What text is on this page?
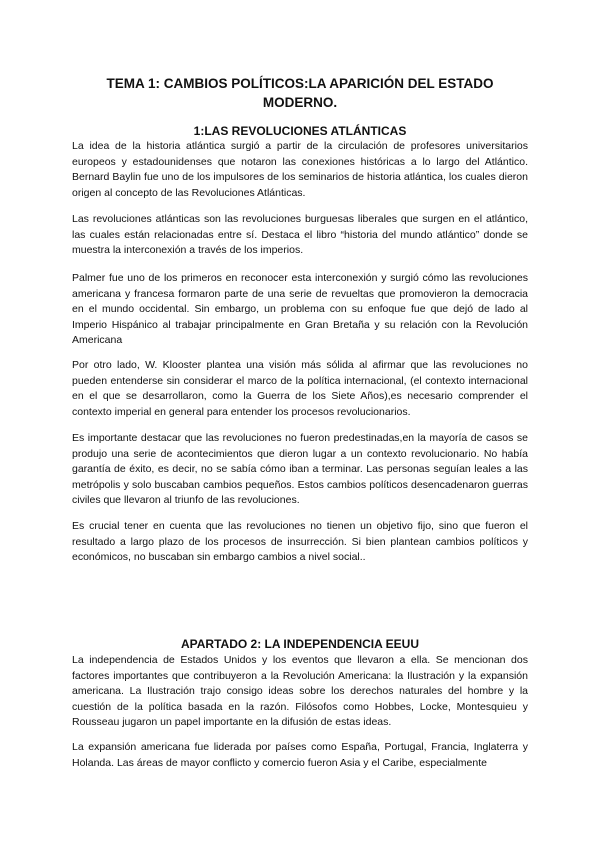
TEMA 1: CAMBIOS POLÍTICOS:LA APARICIÓN DEL ESTADO MODERNO.
1:LAS REVOLUCIONES ATLÁNTICAS

La idea de la historia atlántica surgió a partir de la circulación de profesores universitarios europeos y estadounidenses que notaron las conexiones históricas a lo largo del Atlántico. Bernard Baylin fue uno de los impulsores de los seminarios de historia atlántica, los cuales dieron origen al concepto de las Revoluciones Atlánticas.

Las revoluciones atlánticas son las revoluciones burguesas liberales que surgen en el atlántico, las cuales están relacionadas entre sí. Destaca el libro “historia del mundo atlántico” donde se muestra la interconexión a través de los imperios.

Palmer fue uno de los primeros en reconocer esta interconexión y surgió cómo las revoluciones americana y francesa formaron parte de una serie de revueltas que promovieron la democracia en el mundo occidental. Sin embargo, un problema con su enfoque fue que dejó de lado al Imperio Hispánico al trabajar principalmente en Gran Bretaña y su relación con la Revolución Americana

Por otro lado, W. Klooster plantea una visión más sólida al afirmar que las revoluciones no pueden entenderse sin considerar el marco de la política internacional, (el contexto internacional en el que se desarrollaron, como la Guerra de los Siete Años),es necesario comprender el contexto imperial en general para entender los procesos revolucionarios.

Es importante destacar que las revoluciones no fueron predestinadas,en la mayoría de casos se produjo una serie de acontecimientos que dieron lugar a un contexto revolucionario. No había garantía de éxito, es decir, no se sabía cómo iban a terminar. Las personas seguían leales a las metrópolis y solo buscaban cambios pequeños. Estos cambios políticos desencadenaron guerras civiles que llevaron al triunfo de las revoluciones.

Es crucial tener en cuenta que las revoluciones no tienen un objetivo fijo, sino que fueron el resultado a largo plazo de los procesos de insurrección. Si bien plantean cambios políticos y económicos, no buscaban sin embargo cambios a nivel social..

APARTADO 2: LA INDEPENDENCIA EEUU

La independencia de Estados Unidos y los eventos que llevaron a ella. Se mencionan dos factores importantes que contribuyeron a la Revolución Americana: la Ilustración y la expansión americana. La Ilustración trajo consigo ideas sobre los derechos naturales del hombre y la cuestión de la política basada en la razón. Filósofos como Hobbes, Locke, Montesquieu y Rousseau jugaron un papel importante en la difusión de estas ideas.

La expansión americana fue liderada por países como España, Portugal, Francia, Inglaterra y Holanda. Las áreas de mayor conflicto y comercio fueron Asia y el Caribe, especialmente
